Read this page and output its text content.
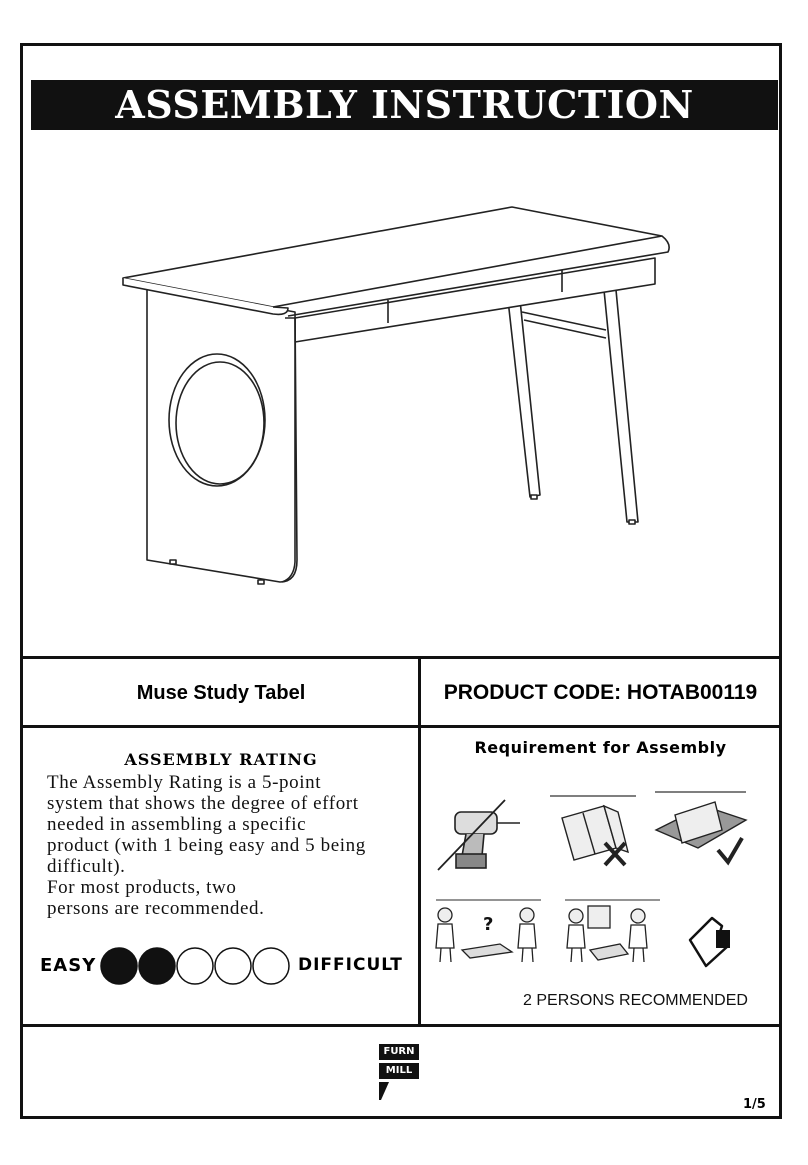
ASSEMBLY INSTRUCTION
Muse Study Tabel	PRODUCT CODE: HOTAB00119
ASSEMBLY RATING

The Assembly Rating is a 5-point

system that shows the degree of effort

needed in assembling a specific

product (with 1 being easy and 5 being

difficult).

For most products, two

persons are recommended.

EASY	DIFFICULT
Requirement for Assembly
?
2 PERSONS RECOMMENDED
FURN
MILL
1/5
